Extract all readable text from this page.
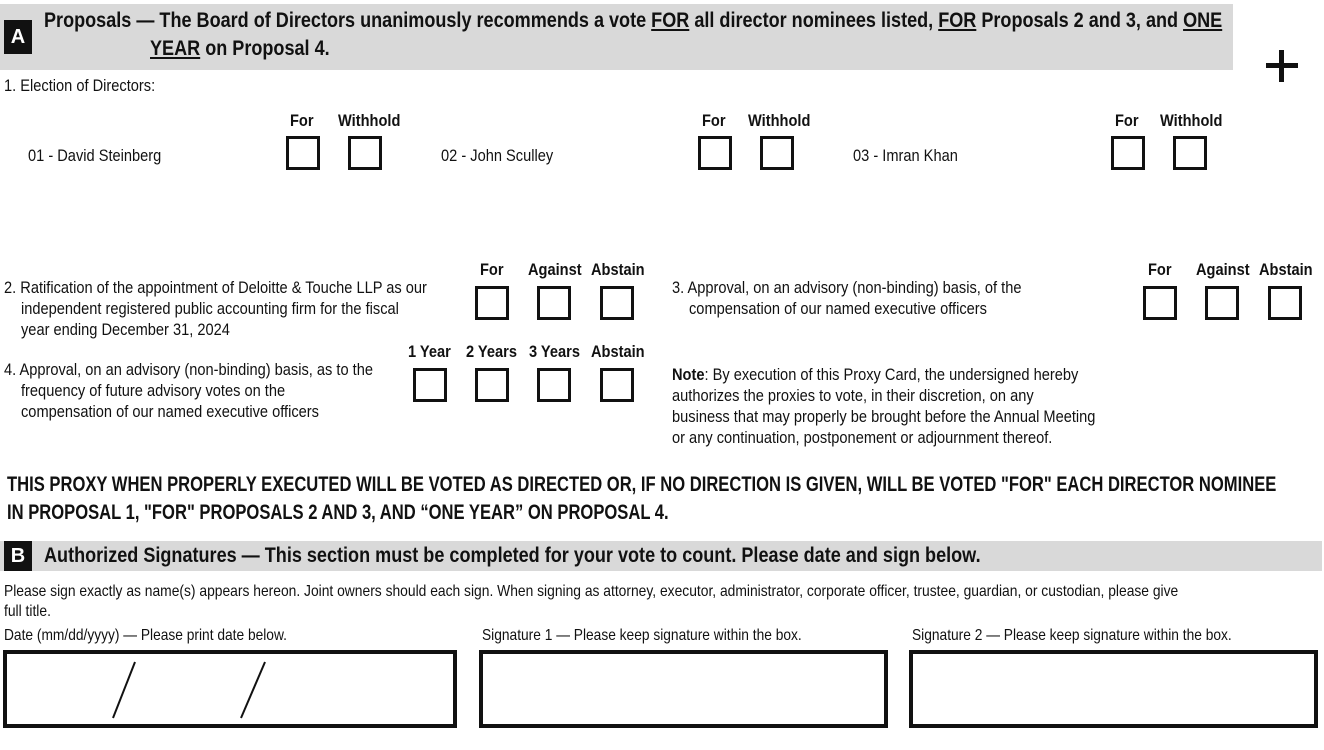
A
Proposals — The Board of Directors unanimously recommends a vote FOR all director nominees listed, FOR Proposals 2 and 3, and ONE
YEAR on Proposal 4.
1. Election of Directors:
For Withhold
01 - David Steinberg
For Withhold
02 - John Sculley
For Withhold
03 - Imran Khan
2. Ratification of the appointment of Deloitte & Touche LLP as our
independent registered public accounting firm for the fiscal
year ending December 31, 2024
For Against Abstain
3. Approval, on an advisory (non-binding) basis, of the
compensation of our named executive officers
For Against Abstain
4. Approval, on an advisory (non-binding) basis, as to the
frequency of future advisory votes on the
compensation of our named executive officers
1 Year 2 Years 3 Years Abstain
Note: By execution of this Proxy Card, the undersigned hereby
authorizes the proxies to vote, in their discretion, on any
business that may properly be brought before the Annual Meeting
or any continuation, postponement or adjournment thereof.
THIS PROXY WHEN PROPERLY EXECUTED WILL BE VOTED AS DIRECTED OR, IF NO DIRECTION IS GIVEN, WILL BE VOTED "FOR" EACH DIRECTOR NOMINEE
IN PROPOSAL 1, "FOR" PROPOSALS 2 AND 3, AND “ONE YEAR” ON PROPOSAL 4.
B Authorized Signatures — This section must be completed for your vote to count. Please date and sign below.
Please sign exactly as name(s) appears hereon. Joint owners should each sign. When signing as attorney, executor, administrator, corporate officer, trustee, guardian, or custodian, please give
full title.
Date (mm/dd/yyyy) — Please print date below.	Signature 1 — Please keep signature within the box.	Signature 2 — Please keep signature within the box.
